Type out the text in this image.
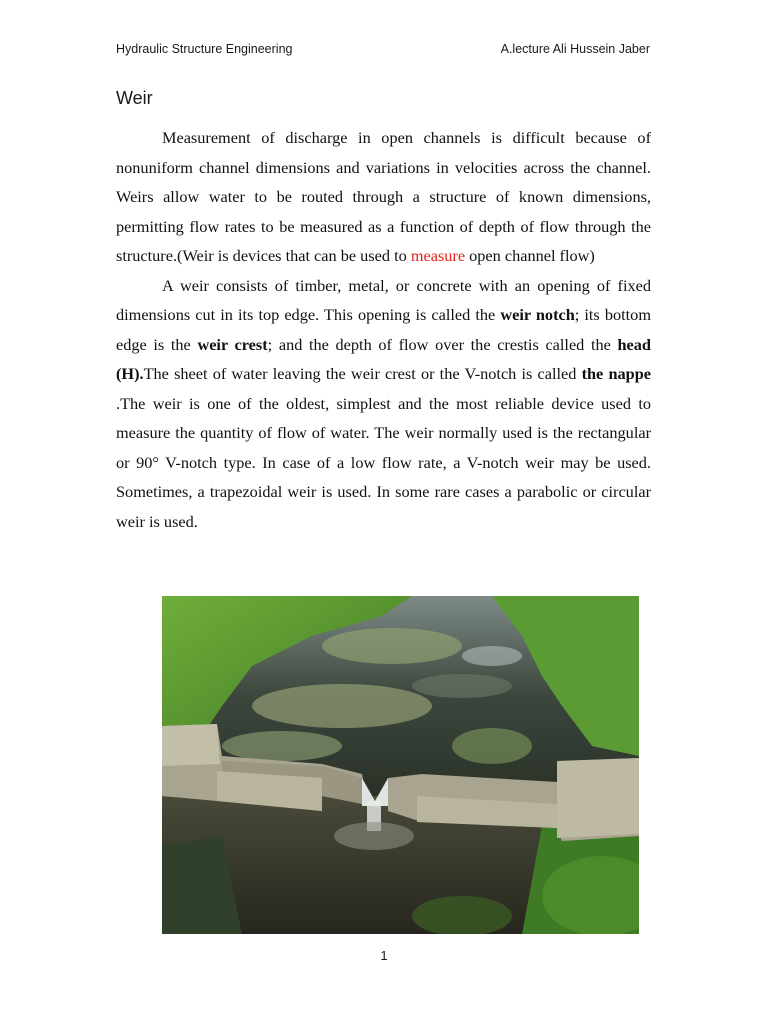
Hydraulic Structure Engineering	A.lecture Ali Hussein Jaber
Weir

Measurement of discharge in open channels is difficult because of nonuniform channel dimensions and variations in velocities across the channel. Weirs allow water to be routed through a structure of known dimensions, permitting flow rates to be measured as a function of depth of flow through the structure.(Weir is devices that can be used to measure open channel flow)

A weir consists of timber, metal, or concrete with an opening of fixed dimensions cut in its top edge. This opening is called the weir notch; its bottom edge is the weir crest; and the depth of flow over the crestis called the head (H).The sheet of water leaving the weir crest or the V-notch is called the nappe .The weir is one of the oldest, simplest and the most reliable device used to measure the quantity of flow of water. The weir normally used is the rectangular or 90° V-notch type. In case of a low flow rate, a V-notch weir may be used. Sometimes, a trapezoidal weir is used. In some rare cases a parabolic or circular weir is used.

1
